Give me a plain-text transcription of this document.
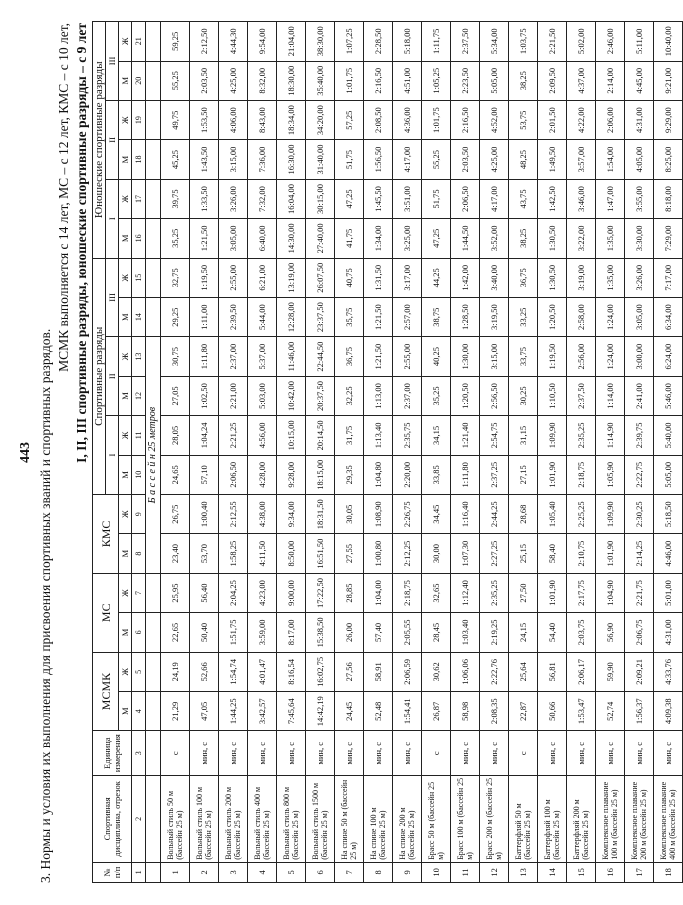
443 3. Нормы и условия их выполнения для присвоения спортивных званий и спортивных разрядов.
МСМК выполняется с 14 лет, МС – с 12 лет, КМС – с 10 лет, I, II, III спортивные разряды, юношеские спортивные разряды – с 9 лет
№ п/п	Спортивная дисциплина, отрезок	Единица измерения	МСМК		МС		КМС		Спортивные разряды						Юношеские спортивные разряды					
									I		II		III		I		II		III	
			М	Ж	М	Ж	М	Ж	М	Ж	М	Ж	М	Ж	М	Ж	М	Ж	М	Ж
1	2	3	4	5	6	7	8	9	10	11	12	13	14	15	16	17	18	19	20	21
							Б а с с е й н 25 метров													
1	Вольный стиль 50 м (бассейн 25 м)	с	21,29	24,19	22,65	25,95	23,40	26,75	24,65	28,05	27,05	30,75	29,25	32,75	35,25	39,75	45,25	49,75	55,25	59,25
2	Вольный стиль 100 м (бассейн 25 м)	мин, с	47,05	52,66	50,40	56,40	53,70	1:00,40	57,10	1:04,24	1:02,50	1:11,80	1:11,00	1:19,50	1:21,50	1:33,50	1:43,50	1:53,50	2:03,50	2:12,50
3	Вольный стиль 200 м (бассейн 25 м)	мин, с	1:44,25	1:54,74	1:51,75	2:04,25	1:58,25	2:12,55	2:06,50	2:21,25	2:21,00	2:37,00	2:39,50	2:55,00	3:05,00	3:26,00	3:15,00	4:06,00	4:25,00	4:44,30
4	Вольный стиль 400 м (бассейн 25 м)	мин, с	3:42,57	4:01,47	3:59,00	4:23,00	4:11,50	4:38,00	4:28,00	4:56,00	5:03,00	5:37,00	5:44,00	6:21,00	6:40,00	7:32,00	7:36,00	8:43,00	8:32,00	9:54,00
5	Вольный стиль 800 м (бассейн 25 м)	мин, с	7:45,64	8:16,54	8:17,00	9:00,00	8:50,00	9:34,00	9:28,00	10:15,00	10:42,00	11:46,00	12:28,00	13:19,00	14:30,00	16:04,00	16:30,00	18:34,00	18:30,00	21:04,00
6	Вольный стиль 1500 м (бассейн 25 м)	мин, с	14:42,19	16:02,75	15:38,50	17:22,50	16:51,50	18:31,50	18:15,00	20:14,50	20:37,50	22:44,50	23:37,50	26:07,50	27:40,00	30:15,00	31:40,00	34:20,00	35:40,00	38:30,00
7	На спине 50 м (бассейн 25 м)	мин, с	24,45	27,56	26,00	28,85	27,55	30,05	29,35	31,75	32,25	36,75	35,75	40,75	41,75	47,25	51,75	57,25	1:01,75	1:07,25
8	На спине 100 м (бассейн 25 м)	мин, с	52,48	58,91	57,40	1:04,00	1:00,80	1:08,90	1:04,80	1:13,40	1:13,00	1:21,50	1:21,50	1:31,50	1:34,00	1:45,50	1:56,50	2:08,50	2:16,50	2:28,50
9	На спине 200 м (бассейн 25 м)	мин, с	1:54,41	2:06,59	2:05,55	2:18,75	2:12,25	2:26,75	2:20,00	2:35,75	2:37,00	2:55,00	2:57,00	3:17,00	3:25,00	3:51,00	4:17,00	4:36,00	4:51,00	5:18,00
10	Брасс 50 м (бассейн 25 м)	с	26,87	30,62	28,45	32,65	30,00	34,45	33,85	34,15	35,25	40,25	38,75	44,25	47,25	51,75	55,25	1:01,75	1:05,25	1:11,75
11	Брасс 100 м (бассейн 25 м)	мин, с	58,98	1:06,06	1:03,40	1:12,40	1:07,30	1:16,40	1:11,80	1:21,40	1:20,50	1:30,00	1:28,50	1:42,00	1:44,50	2:06,50	2:03,50	2:16,50	2:23,50	2:37,50
12	Брасс 200 м (бассейн 25 м)	мин, с	2:08,35	2:22,76	2:19,25	2:35,25	2:27,25	2:44,25	2:37,25	2:54,75	2:56,50	3:15,00	3:19,50	3:40,00	3:52,00	4:17,00	4:25,00	4:52,00	5:05,00	5:34,00
13	Баттерфляй 50 м (бассейн 25 м)	с	22,87	25,64	24,15	27,50	25,15	28,68	27,15	31,15	30,25	33,75	33,25	36,75	38,25	43,75	48,25	53,75	38,25	1:03,75
14	Баттерфляй 100 м (бассейн 25 м)	мин, с	50,66	56,81	54,40	1:01,90	58,40	1:05,40	1:01,90	1:09,90	1:10,50	1:19,50	1:20,50	1:30,50	1:30,50	1:42,50	1:49,50	2:01,50	2:09,50	2:21,50
15	Баттерфляй 200 м (бассейн 25 м)	мин, с	1:53,47	2:06,17	2:03,75	2:17,75	2:10,75	2:25,25	2:18,75	2:35,25	2:37,50	2:56,00	2:58,00	3:19,00	3:22,00	3:46,00	3:57,00	4:22,00	4:37,00	5:02,00
16	Комплексное плавание 100 м (бассейн 25 м)	мин, с	52,74	59,90	56,90	1:04,90	1:01,90	1:09,90	1:05,90	1:14,90	1:14,00	1:24,00	1:24,00	1:35,00	1:35,00	1:47,00	1:54,00	2:06,00	2:14,00	2:46,00
17	Комплексное плавание 200 м (бассейн 25 м)	мин, с	1:56,37	2:09,21	2:06,75	2:21,75	2:14,25	2:30,25	2:22,75	2:39,75	2:41,00	3:00,00	3:05,00	3:26,00	3:30,00	3:55,00	4:05,00	4:31,00	4:45,00	5:11,00
18	Комплексное плавание 400 м (бассейн 25 м)	мин, с	4:09,38	4:33,76	4:31,00	5:01,00	4:46,00	5:18,50	5:05,00	5:40,00	5:46,00	6:24,00	6:34,00	7:17,00	7:29,00	8:18,00	8:25,00	9:29,00	9:21,00	10:40,00
